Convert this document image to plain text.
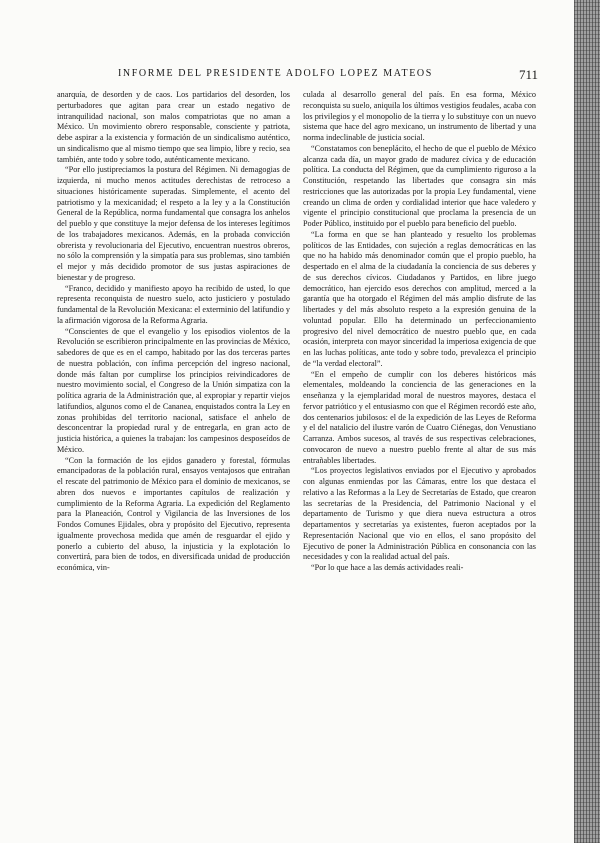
INFORME DEL PRESIDENTE ADOLFO LOPEZ MATEOS	711

anarquía, de desorden y de caos. Los partidarios del desorden, los perturbadores que agitan para crear un estado negativo de intranquilidad nacional, son malos compatriotas que no aman a México. Un movimiento obrero responsable, consciente y patriota, debe aspirar a la existencia y formación de un sindicalismo auténtico, un sindicalismo que al mismo tiempo que sea limpio, libre y recio, sea también, ante todo y sobre todo, auténticamente mexicano.

“Por ello justipreciamos la postura del Régimen. Ni demagogias de izquierda, ni mucho menos actitudes derechistas de retroceso a situaciones históricamente superadas. Simplemente, el acento del patriotismo y la mexicanidad; el respeto a la ley y a la Constitución General de la República, norma fundamental que consagra los anhelos del pueblo y que constituye la mejor defensa de los intereses legítimos de los trabajadores mexicanos. Además, en la probada convicción obrerista y revolucionaria del Ejecutivo, encuentran nuestros obreros, no sólo la comprensión y la simpatía para sus problemas, sino también el mejor y más decidido promotor de sus justas aspiraciones de bienestar y de progreso.

“Franco, decidido y manifiesto apoyo ha recibido de usted, lo que representa reconquista de nuestro suelo, acto justiciero y postulado fundamental de la Revolución Mexicana: el exterminio del latifundio y la afirmación vigorosa de la Reforma Agraria.

“Conscientes de que el evangelio y los episodios violentos de la Revolución se escribieron principalmente en las provincias de México, sabedores de que es en el campo, habitado por las dos terceras partes de nuestra población, con ínfima percepción del ingreso nacional, donde más faltan por cumplirse los principios reivindicadores de nuestro movimiento social, el Congreso de la Unión simpatiza con la política agraria de la Administración que, al expropiar y repartir viejos latifundios, algunos como el de Cananea, enquistados contra la Ley en zonas prohibidas del territorio nacional, satisface el anhelo de desconcentrar la propiedad rural y de entregarla, en gran acto de justicia histórica, a quienes la trabajan: los campesinos desposeídos de México.

“Con la formación de los ejidos ganadero y forestal, fórmulas emancipadoras de la población rural, ensayos ventajosos que entrañan el rescate del patrimonio de México para el dominio de mexicanos, se abren dos nuevos e importantes capítulos de realización y cumplimiento de la Reforma Agraria. La expedición del Reglamento para la Planeación, Control y Vigilancia de las Inversiones de los Fondos Comunes Ejidales, obra y propósito del Ejecutivo, representa igualmente provechosa medida que amén de resguardar el ejido y ponerlo a cubierto del abuso, la injusticia y la explotación lo convertirá, para bien de todos, en diversificada unidad de producción económica, vin-

culada al desarrollo general del país. En esa forma, México reconquista su suelo, aniquila los últimos vestigios feudales, acaba con los privilegios y el monopolio de la tierra y lo substituye con un nuevo sistema que hace del agro mexicano, un instrumento de libertad y una norma indeclinable de justicia social.

“Constatamos con beneplácito, el hecho de que el pueblo de México alcanza cada día, un mayor grado de madurez cívica y de educación política. La conducta del Régimen, que da cumplimiento riguroso a la Constitución, respetando las libertades que consagra sin más restricciones que las autorizadas por la propia Ley fundamental, viene creando un clima de orden y cordialidad interior que hace valedero y vigente el principio constitucional que proclama la presencia de un Poder Público, instituido por el pueblo para beneficio del pueblo.

“La forma en que se han planteado y resuelto los problemas políticos de las Entidades, con sujeción a reglas democráticas en las que no ha habido más denominador común que el propio pueblo, ha despertado en el alma de la ciudadanía la conciencia de sus deberes y de sus derechos cívicos. Ciudadanos y Partidos, en libre juego democrático, han ejercido esos derechos con amplitud, merced a la garantía que ha otorgado el Régimen del más amplio disfrute de las libertades y del más absoluto respeto a la expresión genuina de la voluntad popular. Ello ha determinado un perfeccionamiento progresivo del nivel democrático de nuestro pueblo que, en cada ocasión, interpreta con mayor sinceridad la imperiosa exigencia de que en las luchas políticas, ante todo y sobre todo, prevalezca el principio de “la verdad electoral”.

“En el empeño de cumplir con los deberes históricos más elementales, moldeando la conciencia de las generaciones en la enseñanza y la ejemplaridad moral de nuestros mayores, destaca el fervor patriótico y el entusiasmo con que el Régimen recordó este año, dos centenarios jubilosos: el de la expedición de las Leyes de Reforma y el del natalicio del ilustre varón de Cuatro Ciénegas, don Venustiano Carranza. Ambos sucesos, al través de sus respectivas celebraciones, convocaron de nuevo a nuestro pueblo frente al altar de sus más entrañables libertades.

“Los proyectos legislativos enviados por el Ejecutivo y aprobados con algunas enmiendas por las Cámaras, entre los que destaca el relativo a las Reformas a la Ley de Secretarías de Estado, que crearon las secretarías de la Presidencia, del Patrimonio Nacional y el departamento de Turismo y que diera nueva estructura a otros departamentos y secretarías ya existentes, fueron aceptados por la Representación Nacional que vio en ellos, el sano propósito del Ejecutivo de poner la Administración Pública en consonancia con las necesidades y con la realidad actual del país.

“Por lo que hace a las demás actividades reali-
